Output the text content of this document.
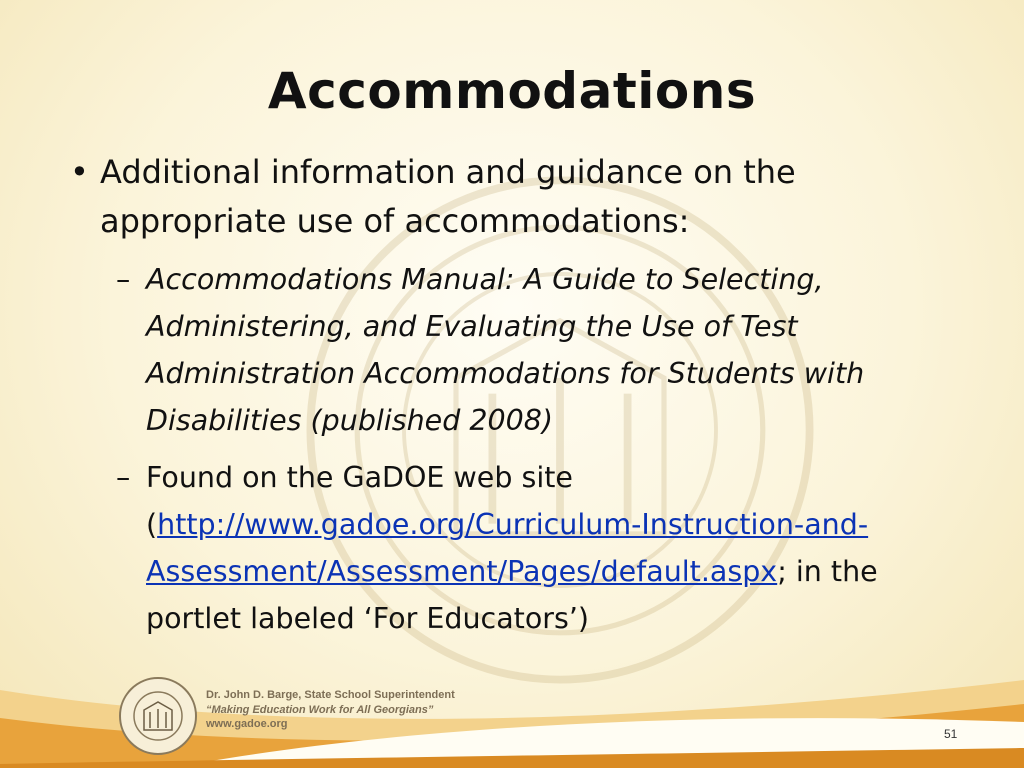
Accommodations
• Additional information and guidance on the appropriate use of accommodations:
– Accommodations Manual: A Guide to Selecting, Administering, and Evaluating the Use of Test Administration Accommodations for Students with Disabilities (published 2008)
– Found on the GaDOE web site (http://www.gadoe.org/Curriculum-Instruction-and-Assessment/Assessment/Pages/default.aspx; in the portlet labeled ‘For Educators’)
Dr. John D. Barge, State School Superintendent
“Making Education Work for All Georgians”
www.gadoe.org
51
